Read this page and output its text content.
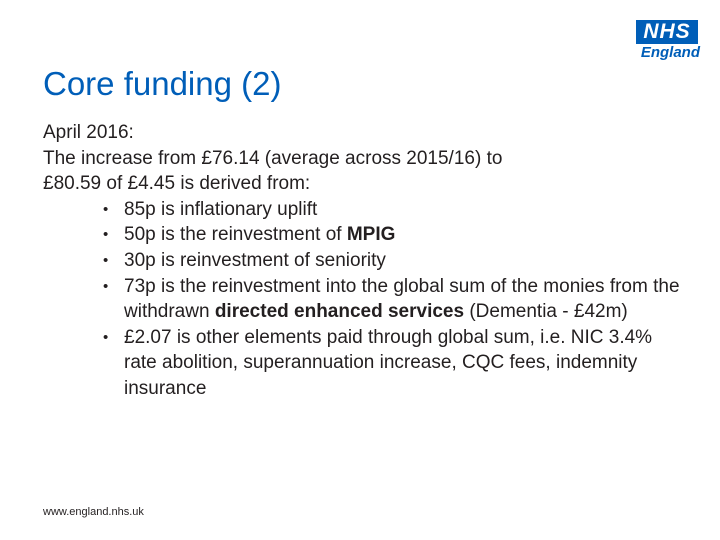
NHS
England
Core funding (2)
April 2016:
The increase from £76.14 (average across 2015/16) to
£80.59 of £4.45 is derived from:
• 85p is inflationary uplift
• 50p is the reinvestment of MPIG
• 30p is reinvestment of seniority
• 73p is the reinvestment into the global sum of the monies from the withdrawn directed enhanced services (Dementia - £42m)
• £2.07 is other elements paid through global sum, i.e. NIC 3.4% rate abolition, superannuation increase, CQC fees, indemnity insurance
www.england.nhs.uk
